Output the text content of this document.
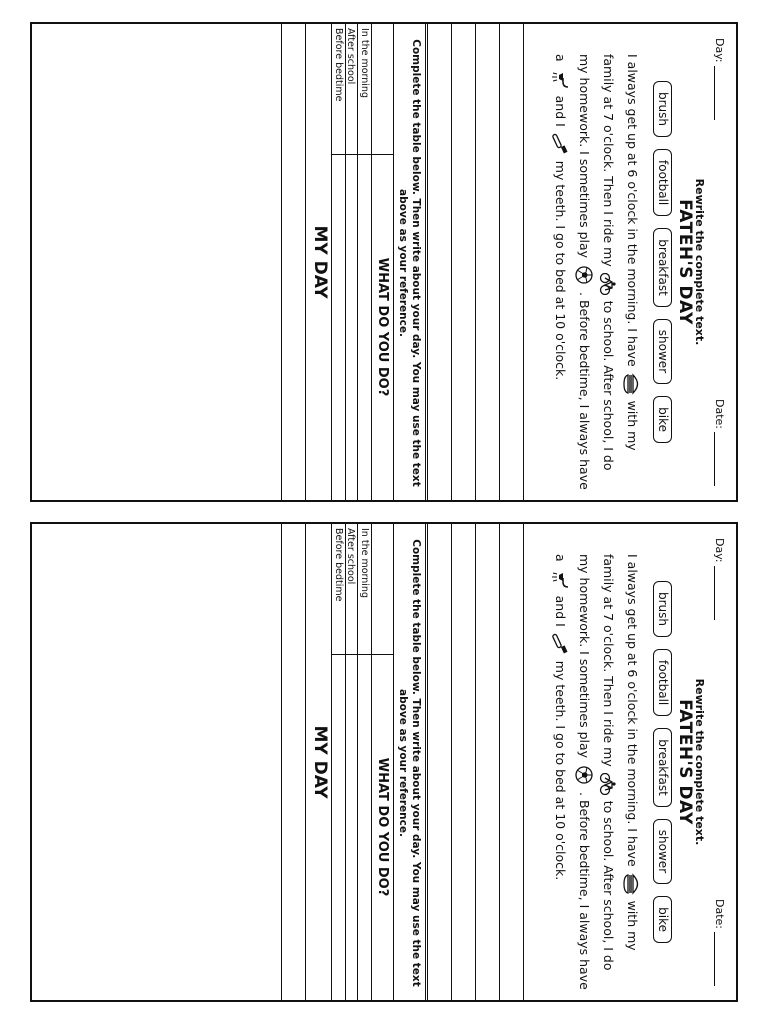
Day:
Date:
Rewrite the complete text.
FATEH'S DAY
brush
football
breakfast
shower
bike
I always get up at 6 o'clock in the morning. I have
with my family at 7 o'clock. Then I ride my
to school. After school, I do my homework. I sometimes play
. Before bedtime, I always have a
and I
my teeth. I go to bed at 10 o'clock.
Complete the table below. Then write about your day. You may use the text above as your reference.
WHAT DO YOU DO?
In the morning
After school
Before bedtime
MY DAY
Day:
Date:
Rewrite the complete text.
FATEH'S DAY
brush
football
breakfast
shower
bike
I always get up at 6 o'clock in the morning. I have
with my family at 7 o'clock. Then I ride my
to school. After school, I do my homework. I sometimes play
. Before bedtime, I always have a
and I
my teeth. I go to bed at 10 o'clock.
Complete the table below. Then write about your day. You may use the text above as your reference.
WHAT DO YOU DO?
In the morning
After school
Before bedtime
MY DAY
